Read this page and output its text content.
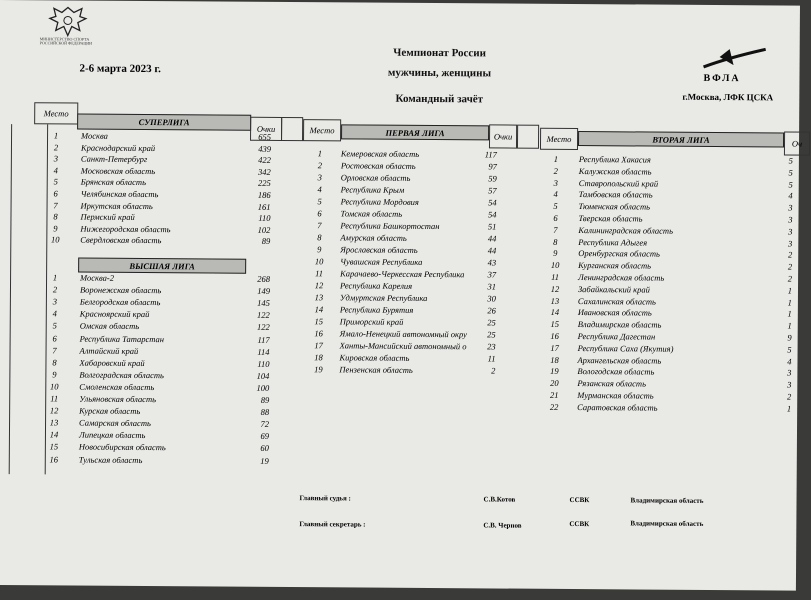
МИНИСТЕРСТВО СПОРТА РОССИЙСКОЙ ФЕДЕРАЦИИ
2-6 марта 2023 г.
Чемпионат России
мужчины, женщины
Командный зачёт
ВФЛА
г.Москва, ЛФК ЦСКА
Место
СУПЕРЛИГА
Очки
1	Москва	655
2	Краснодарский край	439
3	Санкт-Петербург	422
4	Московская область	342
5	Брянская область	225
6	Челябинская область	186
7	Иркутская область	161
8	Пермский край	110
9	Нижегородская область	102
10	Свердловская область	89
ВЫСШАЯ ЛИГА
1	Москва-2	268
2	Воронежская область	149
3	Белгородская область	145
4	Красноярский край	122
5	Омская область	122
6	Республика Татарстан	117
7	Алтайский край	114
8	Хабаровский край	110
9	Волгоградская область	104
10	Смоленская область	100
11	Ульяновская область	89
12	Курская область	88
13	Самарская область	72
14	Липецкая область	69
15	Новосибирская область	60
16	Тульская область	19
Место	ПЕРВАЯ ЛИГА	Очки
1	Кемеровская область	117
2	Ростовская область	97
3	Орловская область	59
4	Республика Крым	57
5	Республика Мордовия	54
6	Томская область	54
7	Республика Башкортостан	51
8	Амурская область	44
9	Ярославская область	44
10	Чувашская Республика	43
11	Карачаево-Черкесская Республика	37
12	Республика Карелия	31
13	Удмуртская Республика	30
14	Республика Бурятия	26
15	Приморский край	25
16	Ямало-Ненецкий автономный окру	25
17	Ханты-Мансийский автономный о	23
18	Кировская область	11
19	Пензенская область	2
Место	ВТОРАЯ ЛИГА	Оч
1	Республика Хакасия	5
2	Калужская область	5
3	Ставропольский край	5
4	Тамбовская область	4
5	Тюменская область	3
6	Тверская область	3
7	Калининградская область	3
8	Республика Адыгея	3
9	Оренбургская область	2
10	Курганская область	2
11	Ленинградская область	2
12	Забайкальский край	1
13	Сахалинская область	1
14	Ивановская область	1
15	Владимирская область	1
16	Республика Дагестан	9
17	Республика Саха (Якутия)	5
18	Архангельская область	4
19	Вологодская область	3
20	Рязанская область	3
21	Мурманская область	2
22	Саратовская область	1
Главный судья :	С.В.Котов	ССВК	Владимирская область
Главный секретарь :	С.В. Чернов	ССВК	Владимирская область
